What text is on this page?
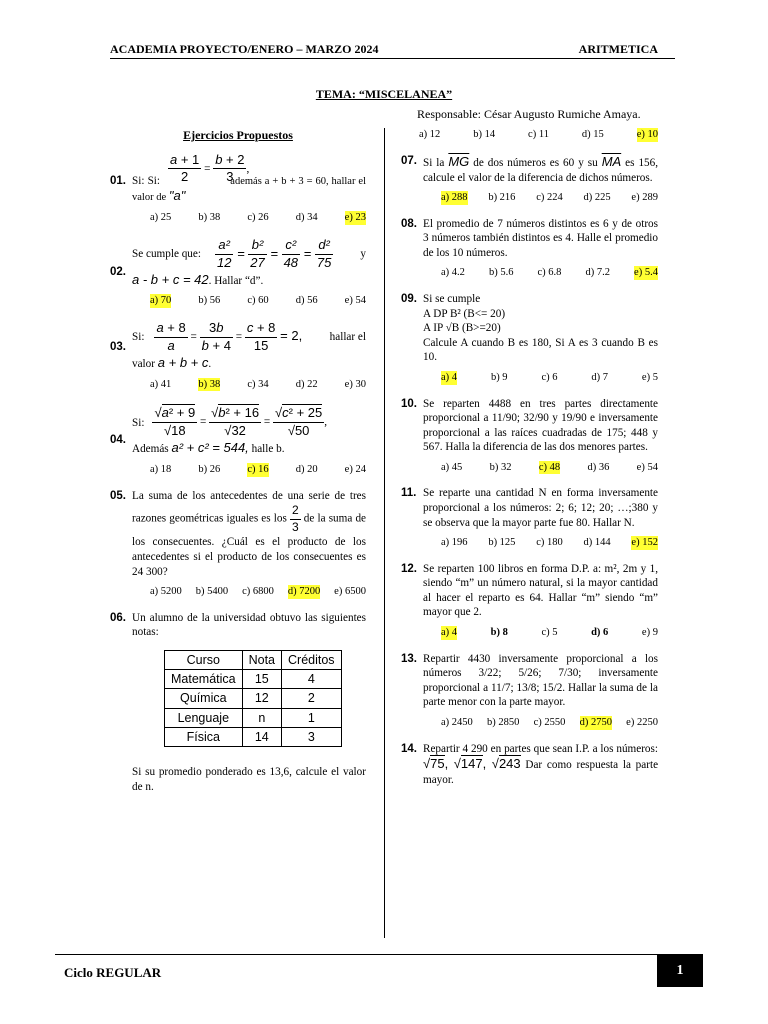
ACADEMIA PROYECTO/ENERO – MARZO 2024	ARITMETICA
TEMA: “MISCELANEA”
Responsable: César Augusto Rumiche Amaya.
Ejercicios Propuestos
$\frac{a + 1}{2} = \frac{b + 2}{3}$ ,
01. Si: Si:	además a + b + 3 = 60, hallar el valor de "a"
a) 25	b) 38	c) 26	d) 34	e) 23
02.
Se cumple que: $\frac{\text{a²}}{12} = \frac{\text{b²}}{27} = \frac{\text{c²}}{48} = \frac{\text{d²}}{75}$ y
a - b + c = 42. Hallar “d”.
a) 70	b) 56	c) 60	d) 56	e) 54
03.
Si: $\frac{a + 8}{a} = \frac{3b}{b + 4} = \frac{c + 8}{15} = 2$, hallar el
valor a + b + c.
a) 41	b) 38	c) 34	d) 22	e) 30
04.
Si: $\frac{\text{√a² + 9}}{√18} = \frac{\text{√b² + 16}}{√32} = \frac{\text{√c² + 25}}{√50}$ ,
Además a² + c² = 544, halle b.
a) 18	b) 26	c) 16	d) 20	e) 24
05. La suma de los antecedentes de una serie de tres razones geométricas iguales es los $\frac{2}{3}$ de la suma de los consecuentes. ¿Cuál es el producto de los antecedentes si el producto de los consecuentes es 24 300?
a) 5200 b) 5400 c) 6800 d) 7200 e) 6500
06. Un alumno de la universidad obtuvo las siguientes notas:
Curso	Nota	Créditos
Matemática	15	4
Química	12	2
Lenguaje	n	1
Física	14	3
Si su promedio ponderado es 13,6, calcule el valor de n.
a) 12	b) 14	c) 11	d) 15	e) 10
07. Si la $\overline{MG}$ de dos números es 60 y su $\overline{MA}$ es 156, calcule el valor de la diferencia de dichos números.
a) 288 b) 216 c) 224 d) 225 e) 289
08. El promedio de 7 números distintos es 6 y de otros 3 números también distintos es 4. Halle el promedio de los 10 números.
a) 4.2 b) 5.6 c) 6.8 d) 7.2 e) 5.4
09. Si se cumple
A DP B² (B<= 20)
A IP √B (B>=20)
Calcule A cuando B es 180, Si A es 3 cuando B es 10.
a) 4	b) 9	c) 6	d) 7	e) 5
10. Se reparten 4488 en tres partes directamente proporcional a 11/90; 32/90 y 19/90 e inversamente proporcional a las raíces cuadradas de 175; 448 y 567. Halla la diferencia de las dos menores partes.
a) 45	b) 32	c) 48	d) 36	e) 54
11. Se reparte una cantidad N en forma inversamente proporcional a los números: 2; 6; 12; 20; …;380 y se observa que la mayor parte fue 80. Hallar N.
a) 196 b) 125 c) 180 d) 144 e) 152
12. Se reparten 100 libros en forma D.P. a: m², 2m y 1, siendo “m” un número natural, si la mayor cantidad al hacer el reparto es 64. Hallar “m” siendo “m” mayor que 2.
a) 4	b) 8	c) 5	d) 6	e) 9
13. Repartir 4430 inversamente proporcional a los números 3/22; 5/26; 7/30; inversamente proporcional a 11/7; 13/8; 15/2. Hallar la suma de la parte menor con la parte mayor.
a) 2450 b) 2850 c) 2550 d) 2750 e) 2250
14. Repartir 4 290 en partes que sean I.P. a los números: √75, √147, √243 Dar como respuesta la parte mayor.
Ciclo REGULAR	1
